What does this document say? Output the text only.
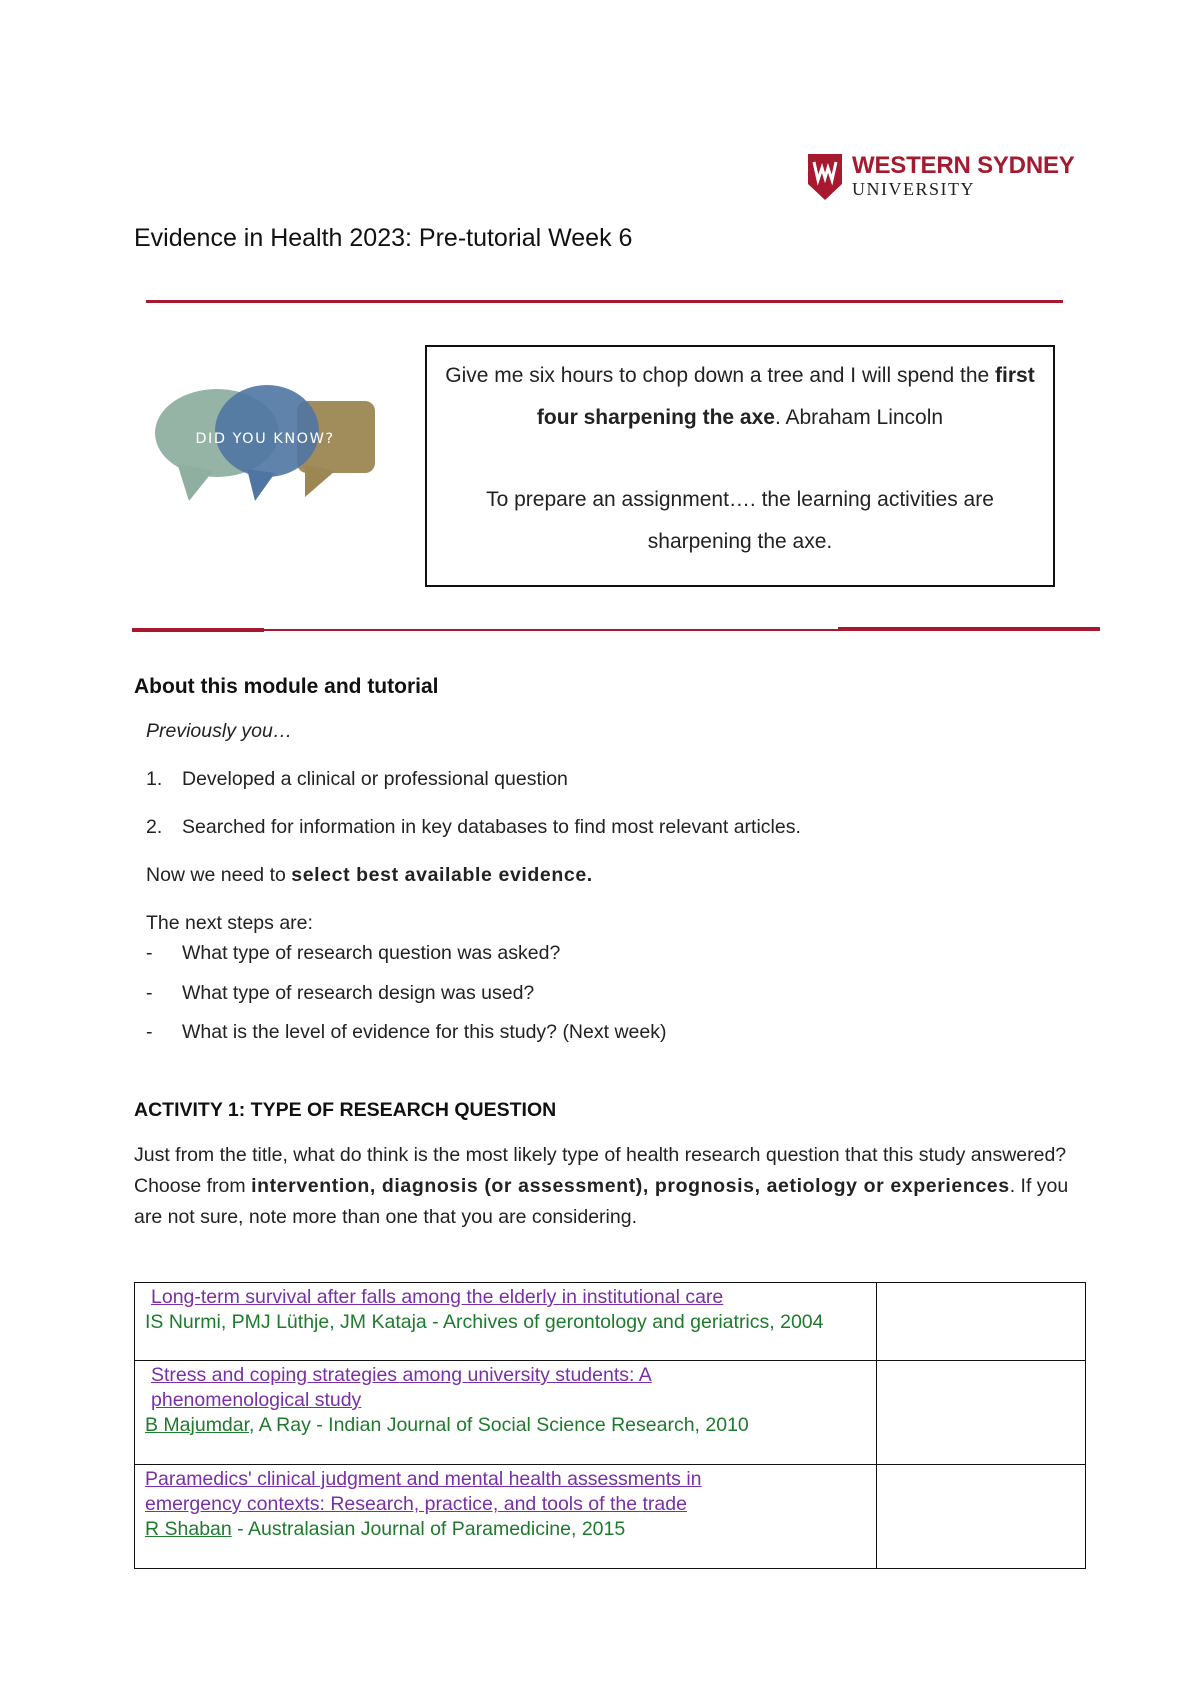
WESTERN SYDNEY
UNIVERSITY
Evidence in Health 2023: Pre-tutorial Week 6
DID YOU KNOW?

Give me six hours to chop down a tree and I will spend the first four sharpening the axe. Abraham Lincoln

To prepare an assignment…. the learning activities are sharpening the axe.

About this module and tutorial
Previously you…
1. Developed a clinical or professional question
2. Searched for information in key databases to find most relevant articles.
Now we need to select best available evidence.
The next steps are:
- What type of research question was asked?
- What type of research design was used?
- What is the level of evidence for this study? (Next week)
ACTIVITY 1: TYPE OF RESEARCH QUESTION

Just from the title, what do think is the most likely type of health research question that this study answered? Choose from intervention, diagnosis (or assessment), prognosis, aetiology or experiences. If you are not sure, note more than one that you are considering.

Long-term survival after falls among the elderly in institutional care
IS Nurmi, PMJ Lüthje, JM Kataja - Archives of gerontology and geriatrics, 2004	
Stress and coping strategies among university students: A phenomenological study
B Majumdar, A Ray - Indian Journal of Social Science Research, 2010	
Paramedics' clinical judgment and mental health assessments in emergency contexts: Research, practice, and tools of the trade
R Shaban - Australasian Journal of Paramedicine, 2015	
